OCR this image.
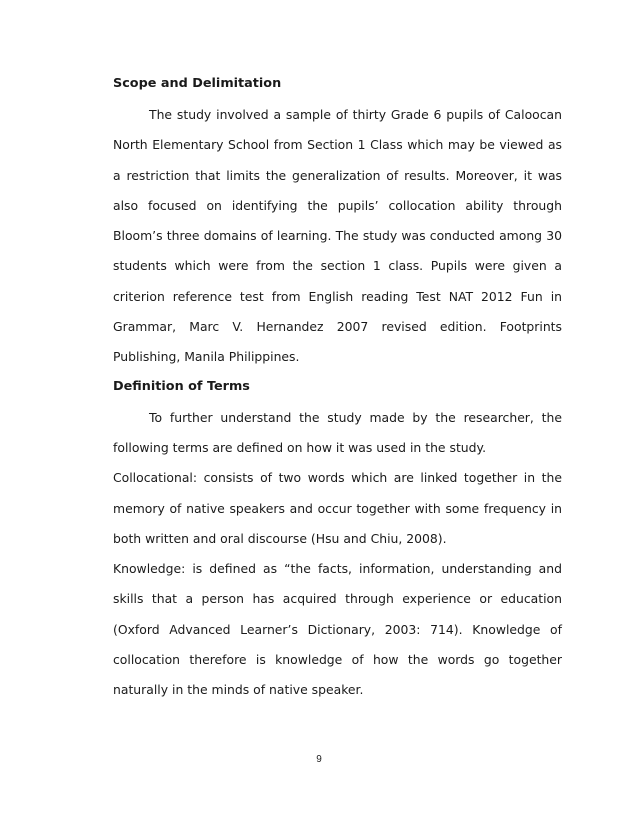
Scope and Delimitation

The study involved a sample of thirty Grade 6 pupils of Caloocan North Elementary School from Section 1 Class which may be viewed as a restriction that limits the generalization of results. Moreover, it was also focused on identifying the pupils’ collocation ability through Bloom’s three domains of learning. The study was conducted among 30 students which were from the section 1 class. Pupils were given a criterion reference test from English reading Test NAT 2012 Fun in Grammar, Marc V. Hernandez 2007 revised edition. Footprints Publishing, Manila Philippines.

Definition of Terms

To further understand the study made by the researcher, the following terms are defined on how it was used in the study.

Collocational: consists of two words which are linked together in the memory of native speakers and occur together with some frequency in both written and oral discourse (Hsu and Chiu, 2008).

Knowledge: is defined as “the facts, information, understanding and skills that a person has acquired through experience or education (Oxford Advanced Learner’s Dictionary, 2003: 714). Knowledge of collocation therefore is knowledge of how the words go together naturally in the minds of native speaker.

9
